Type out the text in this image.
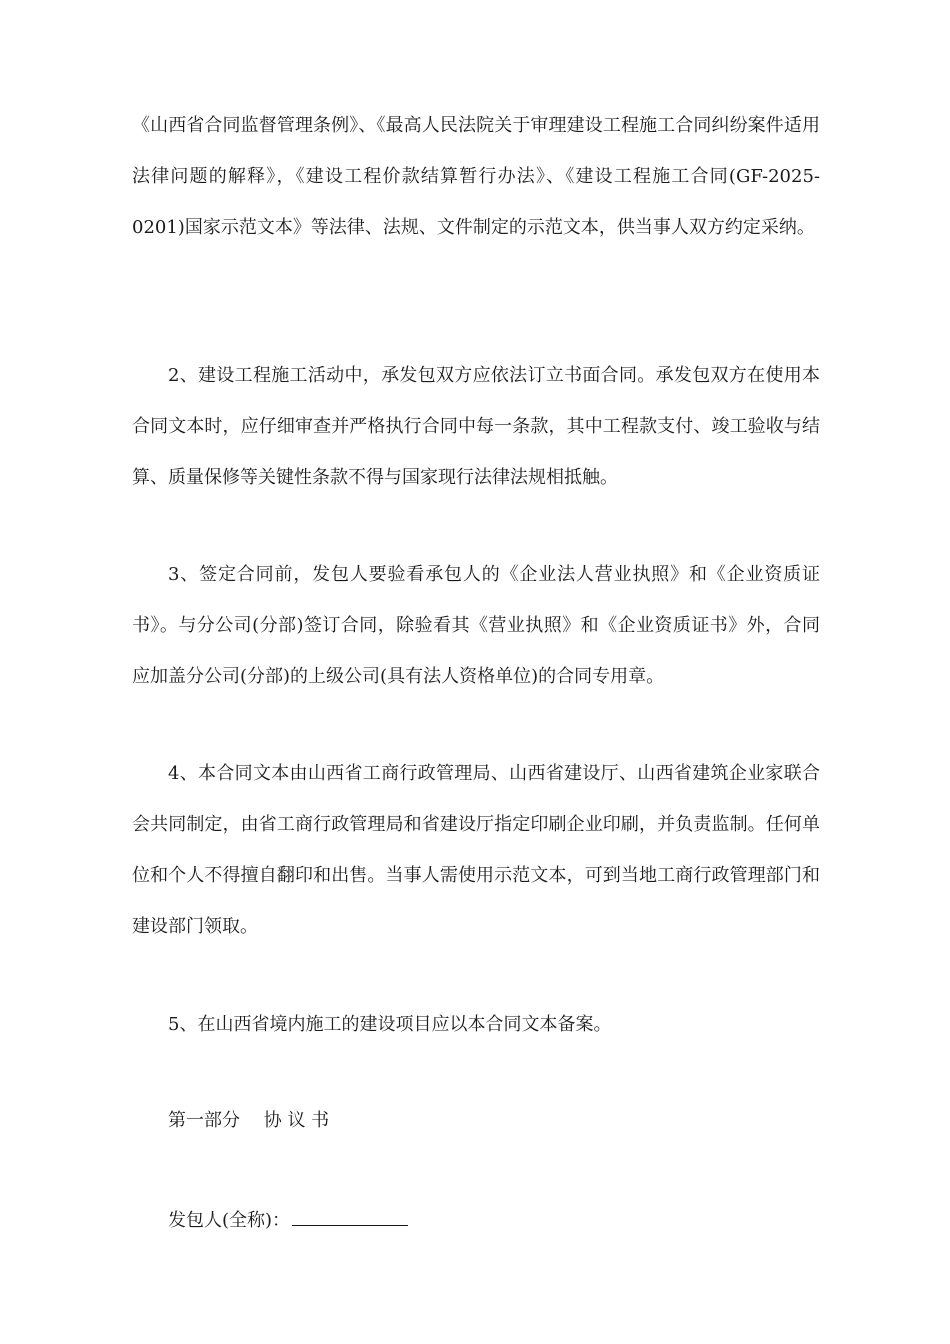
《山西省合同监督管理条例》、《最高人民法院关于审理建设工程施工合同纠纷案件适用法律问题的解释》，《建设工程价款结算暂行办法》、《建设工程施工合同(GF-2025-0201)国家示范文本》等法律、法规、文件制定的示范文本，供当事人双方约定采纳。

2、建设工程施工活动中，承发包双方应依法订立书面合同。承发包双方在使用本合同文本时，应仔细审查并严格执行合同中每一条款，其中工程款支付、竣工验收与结算、质量保修等关键性条款不得与国家现行法律法规相抵触。

3、签定合同前，发包人要验看承包人的《企业法人营业执照》和《企业资质证书》。与分公司(分部)签订合同，除验看其《营业执照》和《企业资质证书》外，合同应加盖分公司(分部)的上级公司(具有法人资格单位)的合同专用章。

4、本合同文本由山西省工商行政管理局、山西省建设厅、山西省建筑企业家联合会共同制定，由省工商行政管理局和省建设厅指定印刷企业印刷，并负责监制。任何单位和个人不得擅自翻印和出售。当事人需使用示范文本，可到当地工商行政管理部门和建设部门领取。

5、在山西省境内施工的建设项目应以本合同文本备案。

第一部分　 协 议 书

发包人(全称)：
